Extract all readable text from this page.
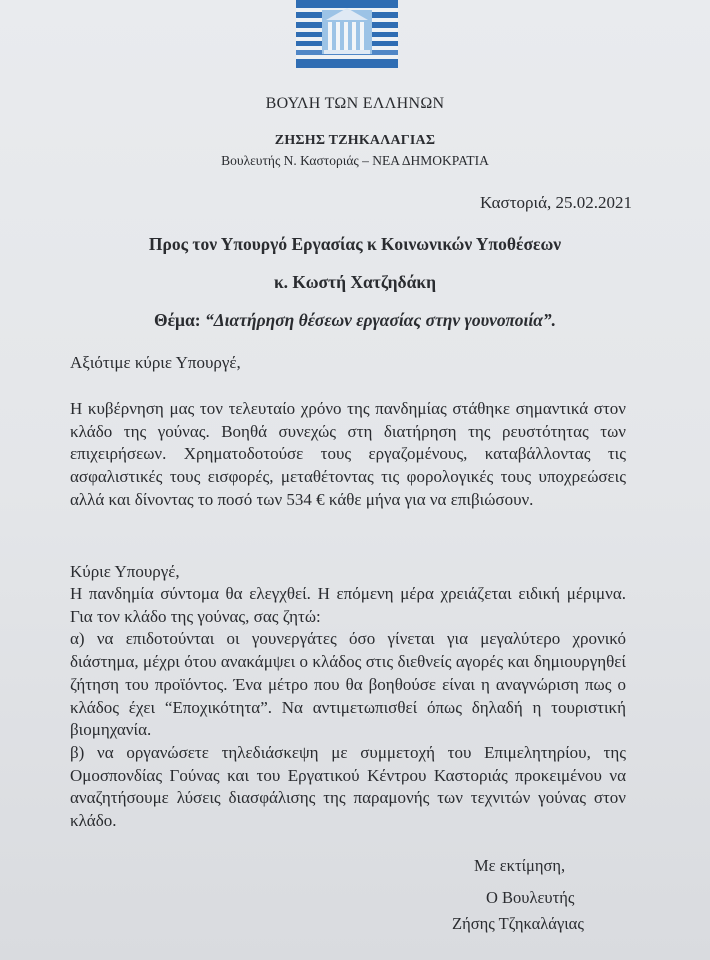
ΒΟΥΛΗ ΤΩΝ ΕΛΛΗΝΩΝ
ΖΗΣΗΣ ΤΖΗΚΑΛΑΓΙΑΣ
Βουλευτής Ν. Καστοριάς – ΝΕΑ ΔΗΜΟΚΡΑΤΙΑ
Καστοριά, 25.02.2021
Προς τον Υπουργό Εργασίας κ Κοινωνικών Υποθέσεων
κ. Κωστή Χατζηδάκη
Θέμα: “Διατήρηση θέσεων εργασίας στην γουνοποιία”.
Αξιότιμε κύριε Υπουργέ,

Η κυβέρνηση μας τον τελευταίο χρόνο της πανδημίας στάθηκε σημαντικά στον κλάδο της γούνας. Βοηθά συνεχώς στη διατήρηση της ρευστότητας των επιχειρήσεων. Χρηματοδοτούσε τους εργαζομένους, καταβάλλοντας τις ασφαλιστικές τους εισφορές, μεταθέτοντας τις φορολογικές τους υποχρεώσεις αλλά και δίνοντας το ποσό των 534 € κάθε μήνα για να επιβιώσουν.

Κύριε Υπουργέ,

Η πανδημία σύντομα θα ελεγχθεί. Η επόμενη μέρα χρειάζεται ειδική μέριμνα. Για τον κλάδο της γούνας, σας ζητώ:

α) να επιδοτούνται οι γουνεργάτες όσο γίνεται για μεγαλύτερο χρονικό διάστημα, μέχρι ότου ανακάμψει ο κλάδος στις διεθνείς αγορές και δημιουργηθεί ζήτηση του προϊόντος. Ένα μέτρο που θα βοηθούσε είναι η αναγνώριση πως ο κλάδος έχει “Εποχικότητα”. Να αντιμετωπισθεί όπως δηλαδή η τουριστική βιομηχανία.

β) να οργανώσετε τηλεδιάσκεψη με συμμετοχή του Επιμελητηρίου, της Ομοσπονδίας Γούνας και του Εργατικού Κέντρου Καστοριάς προκειμένου να αναζητήσουμε λύσεις διασφάλισης της παραμονής των τεχνιτών γούνας στον κλάδο.

Με εκτίμηση,
Ο Βουλευτής
Ζήσης Τζηκαλάγιας
